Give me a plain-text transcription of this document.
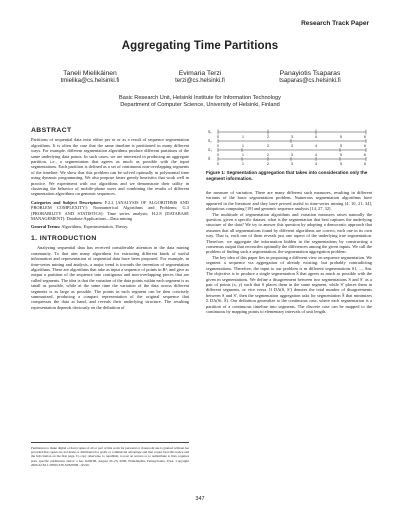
Research Track Paper
Aggregating Time Partitions
Taneli Mielikäinen
tmielika@cs.helsinki.fi
Evimaria Terzi
terzi@cs.helsinki.fi
Panayiotis Tsaparas
tsaparas@cs.helsinki.fi
Basic Research Unit, Helsinki Institute for Information Technology
Department of Computer Science, University of Helsinki, Finland
ABSTRACT

Partitions of sequential data exist either per se or as a result of sequence segmentation algorithms. It is often the case that the same timeline is partitioned in many different ways. For example, different segmentation algorithms produce different partitions of the same underlying data points. In such cases, we are interested in producing an aggregate partition, i.e., a segmentation that agrees as much as possible with the input segmentations. Each partition is defined as a set of continuous non-overlapping segments of the timeline. We show that this problem can be solved optimally in polynomial time using dynamic programming. We also propose faster greedy heuristics that work well in practice. We experiment with our algorithms and we demonstrate their utility in clustering the behavior of mobile-phone users and combining the results of different segmentation algorithms on genomic sequences.

Categories and Subject Descriptors: F.2.2 [ANALYSIS OF ALGORITHMS AND PROBLEM COMPLEXITY]: Nonnumerical Algorithms and Problems; G.3 [PROBABILITY AND STATISTICS]: Time series analysis; H.2.8 [DATABASE MANAGEMENT]: Database Applications—Data mining

General Terms: Algorithms, Experimentation, Theory.

1. INTRODUCTION

Analyzing sequential data has received considerable attention in the data mining community. To that aim many algorithms for extracting different kinds of useful information and representation of sequential data have been proposed. For example, in time-series mining and analysis, a major trend is towards the invention of segmentation algorithms. These are algorithms that take as input a sequence of points in Rᵈ, and give as output a partition of the sequence into contiguous and non-overlapping pieces that are called segments. The idea is that the variation of the data points within each segment is as small as possible, while at the same time the variation of the data across different segments is as large as possible. The points in each segment can be then concisely summarized, producing a compact representation of the original sequence that compresses the data at hand, and reveals their underlying structure. The resulting representation depends obviously on the definition of

Permission to make digital or hard copies of all or part of this work for personal or classroom use is granted without fee provided that copies are not made or distributed for profit or commercial advantage and that copies bear this notice and the full citation on the first page. To copy otherwise, to republish, to post on servers or to redistribute to lists, requires prior specific permission and/or a fee. KDD'06, August 20–23, 2006, Philadelphia, Pennsylvania, USA. Copyright 2006 ACM 1-59593-339-5/06/0008 ...$5.00.
S₁
0	1	2	3	4	5	6
S₂
0	1	2	3	4	5	6
S₃
0	1	2	3	4	5	6
Ŝ
0	1	2	3	4	5	6
Figure 1: Segmentation aggregation that takes into consideration only the segment information.

the measure of variation. There are many different such measures, resulting in different variants of the basic segmentation problem. Numerous segmentation algorithms have appeared in the literature and they have proved useful in time-series mining [4, 10, 21, 34], ubiquitous computing [19] and genomic sequence analysis [14, 27, 32].

The multitude of segmentation algorithms and variation measures raises naturally the question, given a specific dataset, what is the segmentation that best captures the underlying structure of the data? We try to answer this question by adopting a democratic approach that assumes that all segmentations found by different algorithms are correct, each one in its own way. That is, each one of them reveals just one aspect of the underlying true segmentation. Therefore, we aggregate the information hidden in the segmentations by constructing a consensus output that reconciles optimally the differences among the given inputs. We call the problem of finding such a segmentation, the segmentation aggregation problem.

The key idea of this paper lies in proposing a different view on sequence segmentation. We segment a sequence via aggregation of already existing, but probably contradicting segmentations. Therefore, the input to our problem is m different segmentations S1, ..., Sm. The objective is to produce a single segmentation Ŝ that agrees as much as possible with the given m segmentations. We define a disagreement between two segmentations S and S′ as a pair of points (x, y) such that S places them in the same segment, while S′ places them in different segments, or vice versa. If DA(S, S′) denotes the total number of disagreements between S and S′, then the segmentation aggregation asks for segmentation Ŝ that minimizes Σ DA(Si, Ŝ). Our definition generalize to the continuous case, where each segmentation is a partition of a continuous timeline into segments. The discrete case can be mapped to the continuous by mapping points to elementary intervals of unit length.

347
